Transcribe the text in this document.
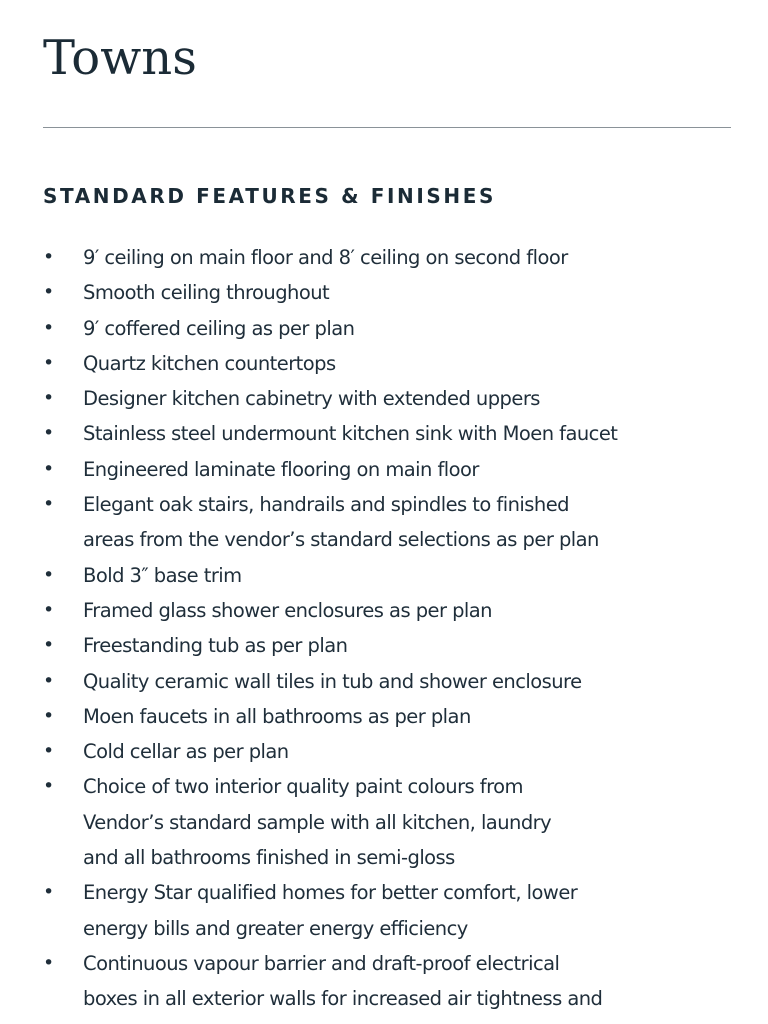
Towns
STANDARD FEATURES & FINISHES
• 9′ ceiling on main floor and 8′ ceiling on second floor
• Smooth ceiling throughout
• 9′ coffered ceiling as per plan
• Quartz kitchen countertops
• Designer kitchen cabinetry with extended uppers
• Stainless steel undermount kitchen sink with Moen faucet
• Engineered laminate flooring on main floor
• Elegant oak stairs, handrails and spindles to finished
areas from the vendor’s standard selections as per plan
• Bold 3″ base trim
• Framed glass shower enclosures as per plan
• Freestanding tub as per plan
• Quality ceramic wall tiles in tub and shower enclosure
• Moen faucets in all bathrooms as per plan
• Cold cellar as per plan
• Choice of two interior quality paint colours from
Vendor’s standard sample with all kitchen, laundry
and all bathrooms finished in semi-gloss
• Energy Star qualified homes for better comfort, lower
energy bills and greater energy efficiency
• Continuous vapour barrier and draft-proof electrical
boxes in all exterior walls for increased air tightness and
